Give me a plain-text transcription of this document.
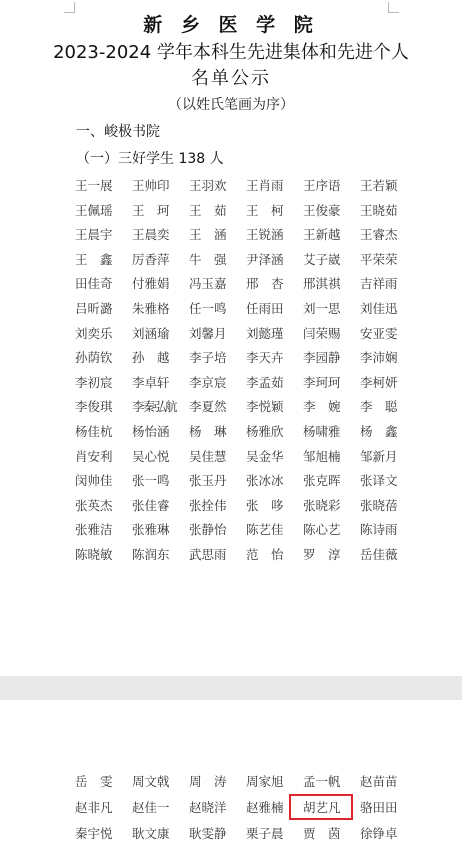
新 乡 医 学 院
2023-2024 学年本科生先进集体和先进个人
名单公示
（以姓氏笔画为序）
一、峻极书院
（一）三好学生 138 人
王一展	王帅印	王羽欢	王肖雨	王序语	王若颖
王佩瑶	王　珂	王　茹	王　柯	王俊豪	王晓茹
王晨宇	王晨奕	王　涵	王锐涵	王新越	王睿杰
王　鑫	厉香萍	牛　强	尹泽涵	艾子崴	平荣荣
田佳奇	付雅娟	冯玉嘉	邢　杏	邢淇祺	吉祥雨
吕昕潞	朱雅格	任一鸣	任雨田	刘一思	刘佳迅
刘奕乐	刘涵瑜	刘馨月	刘懿瑾	闫荣赐	安亚雯
孙荫钦	孙　越	李子培	李天卉	李园静	李沛娴
李初宸	李卓轩	李京宸	李孟茹	李珂珂	李柯妍
李俊琪	李秦弘航	李夏然	李悦颖	李　婉	李　聪
杨佳杭	杨怡涵	杨　琳	杨雅欣	杨啸雅	杨　鑫
肖安利	吴心悦	吴佳慧	吴金华	邹旭楠	邹新月
闵帅佳	张一鸣	张玉丹	张冰冰	张克晖	张译文
张英杰	张佳睿	张拴伟	张　哆	张晓彩	张晓蓓
张雅洁	张雅琳	张静怡	陈艺佳	陈心艺	陈诗雨
陈晓敏	陈润东	武思雨	范　怡	罗　淳	岳佳薇
岳　雯	周文戟	周　涛	周家旭	孟一帆	赵苗苗
赵非凡	赵佳一	赵晓洋	赵雅楠	胡艺凡	骆田田
秦宇悦	耿文康	耿雯静	栗子晨	贾　茵	徐铮卓
